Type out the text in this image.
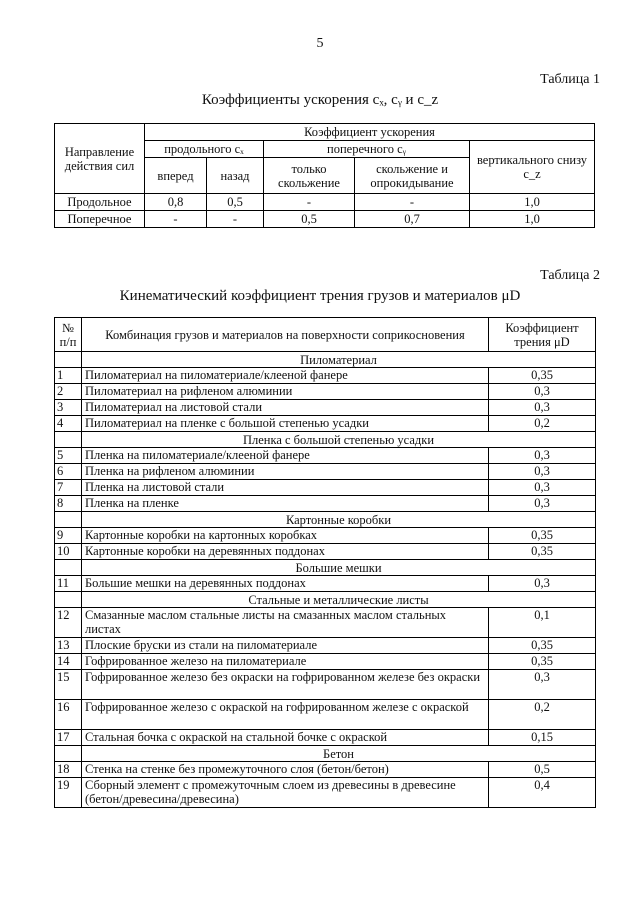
5
Таблица 1
Коэффициенты ускорения cₓ, cᵧ и c_z
Направление действия сил	Коэффициент ускорения				
	продольного cₓ		поперечного cᵧ		вертикального снизу c_z
	вперед	назад	только скольжение	скольжение и опрокидывание	
Продольное	0,8	0,5	-	-	1,0
Поперечное	-	-	0,5	0,7	1,0
Таблица 2
Кинематический коэффициент трения грузов и материалов μD
№ п/п	Комбинация грузов и материалов на поверхности соприкосновения	Коэффициент трения μD
	Пиломатериал	
1	Пиломатериал на пиломатериале/клееной фанере	0,35
2	Пиломатериал на рифленом алюминии	0,3
3	Пиломатериал на листовой стали	0,3
4	Пиломатериал на пленке с большой степенью усадки	0,2
	Пленка с большой степенью усадки	
5	Пленка на пиломатериале/клееной фанере	0,3
6	Пленка на рифленом алюминии	0,3
7	Пленка на листовой стали	0,3
8	Пленка на пленке	0,3
	Картонные коробки	
9	Картонные коробки на картонных коробках	0,35
10	Картонные коробки на деревянных поддонах	0,35
	Большие мешки	
11	Большие мешки на деревянных поддонах	0,3
	Стальные и металлические листы	
12	Смазанные маслом стальные листы на смазанных маслом стальных листах	0,1
13	Плоские бруски из стали на пиломатериале	0,35
14	Гофрированное железо на пиломатериале	0,35
15	Гофрированное железо без окраски на гофрированном железе без окраски	0,3
16	Гофрированное железо с окраской на гофрированном железе с окраской	0,2
17	Стальная бочка с окраской на стальной бочке с окраской	0,15
	Бетон	
18	Стенка на стенке без промежуточного слоя (бетон/бетон)	0,5
19	Сборный элемент с промежуточным слоем из древесины в древесине (бетон/древесина/древесина)	0,4
